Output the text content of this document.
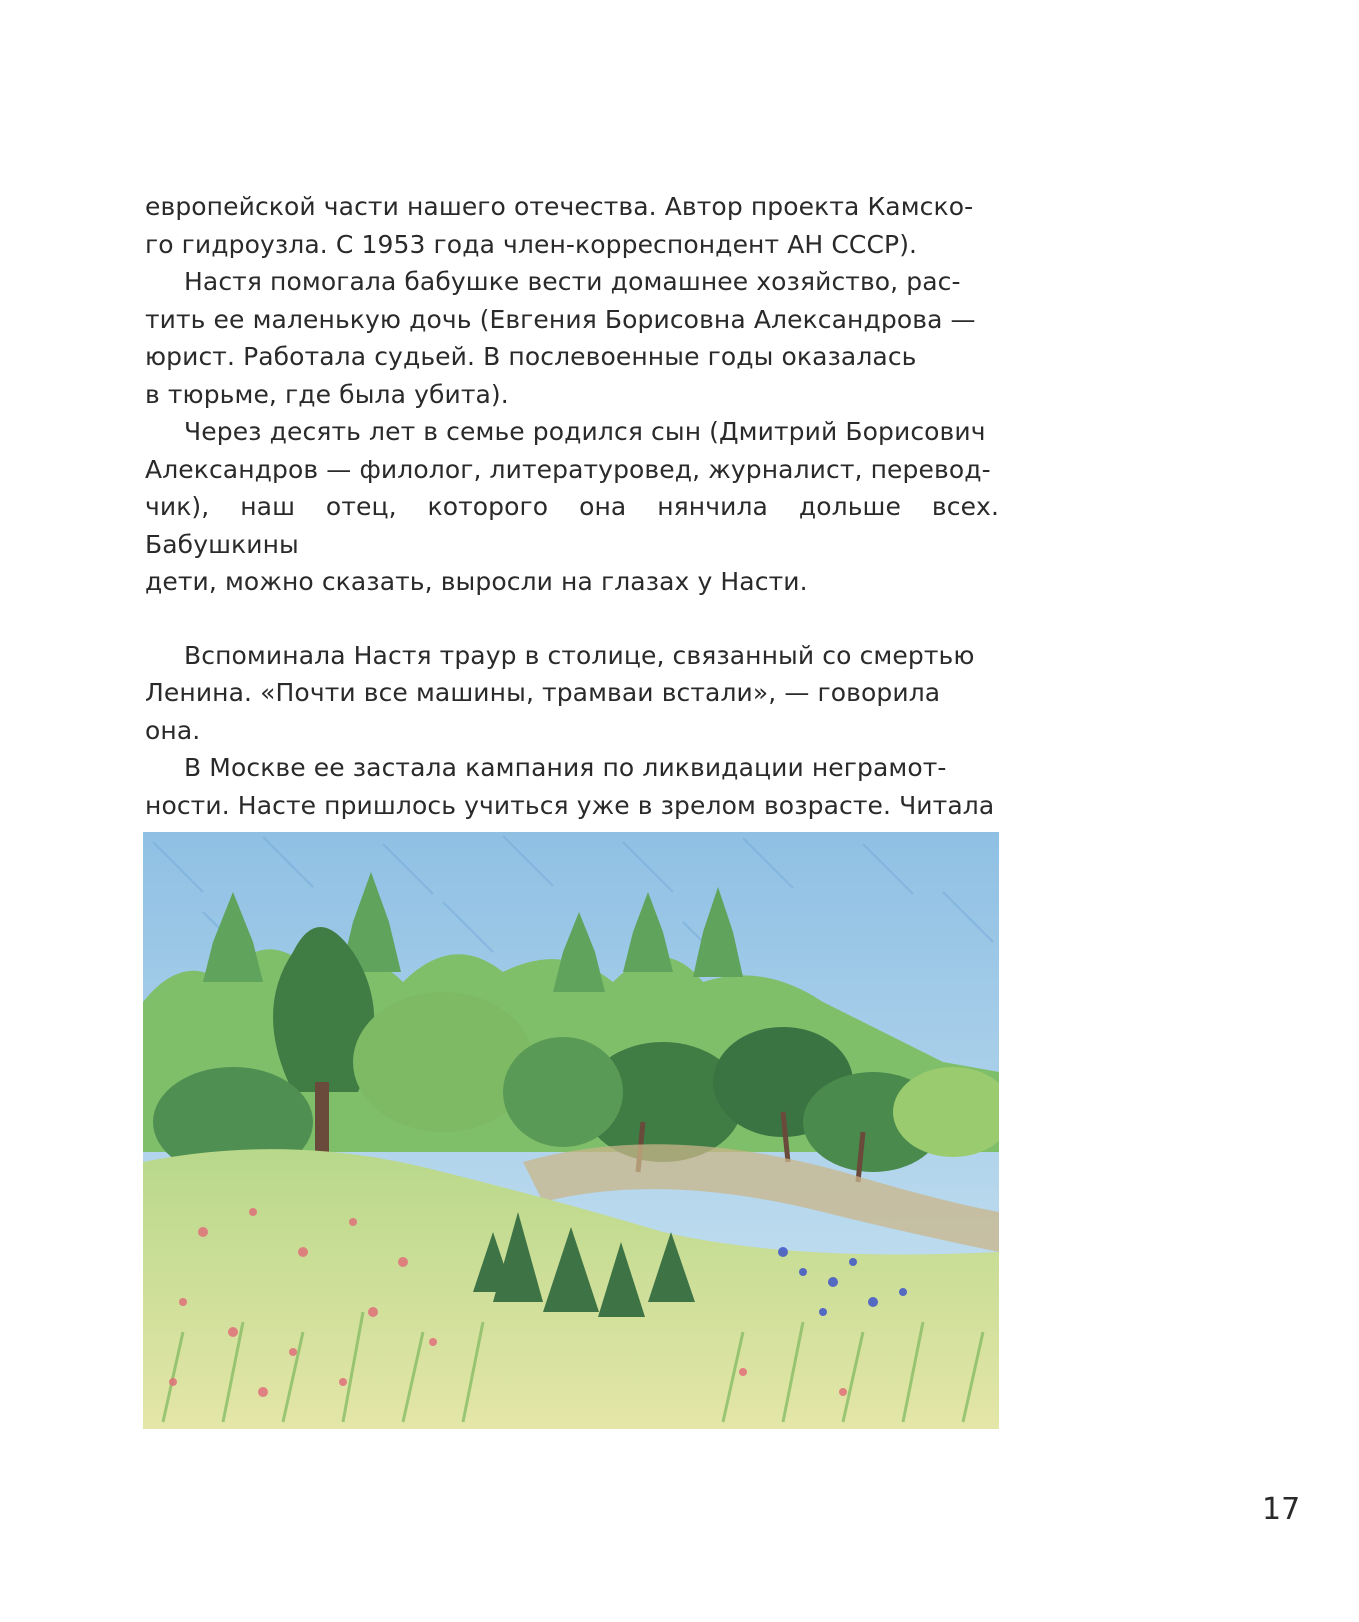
европейской части нашего отечества. Автор проекта Камско-
го гидроузла. С 1953 года член-корреспондент АН СССР).

Настя помогала бабушке вести домашнее хозяйство, рас-
тить ее маленькую дочь (Евгения Борисовна Александрова —
юрист. Работала судьей. В послевоенные годы оказалась
в тюрьме, где была убита).

Через десять лет в семье родился сын (Дмитрий Борисович
Александров — филолог, литературовед, журналист, перевод-
чик), наш отец, которого она нянчила дольше всех. Бабушкины
дети, можно сказать, выросли на глазах у Насти.

Вспоминала Настя траур в столице, связанный со смертью
Ленина. «Почти все машины, трамваи встали», — говорила
она.

В Москве ее застала кампания по ликвидации неграмот-
ности. Насте пришлось учиться уже в зрелом возрасте. Читала

17
